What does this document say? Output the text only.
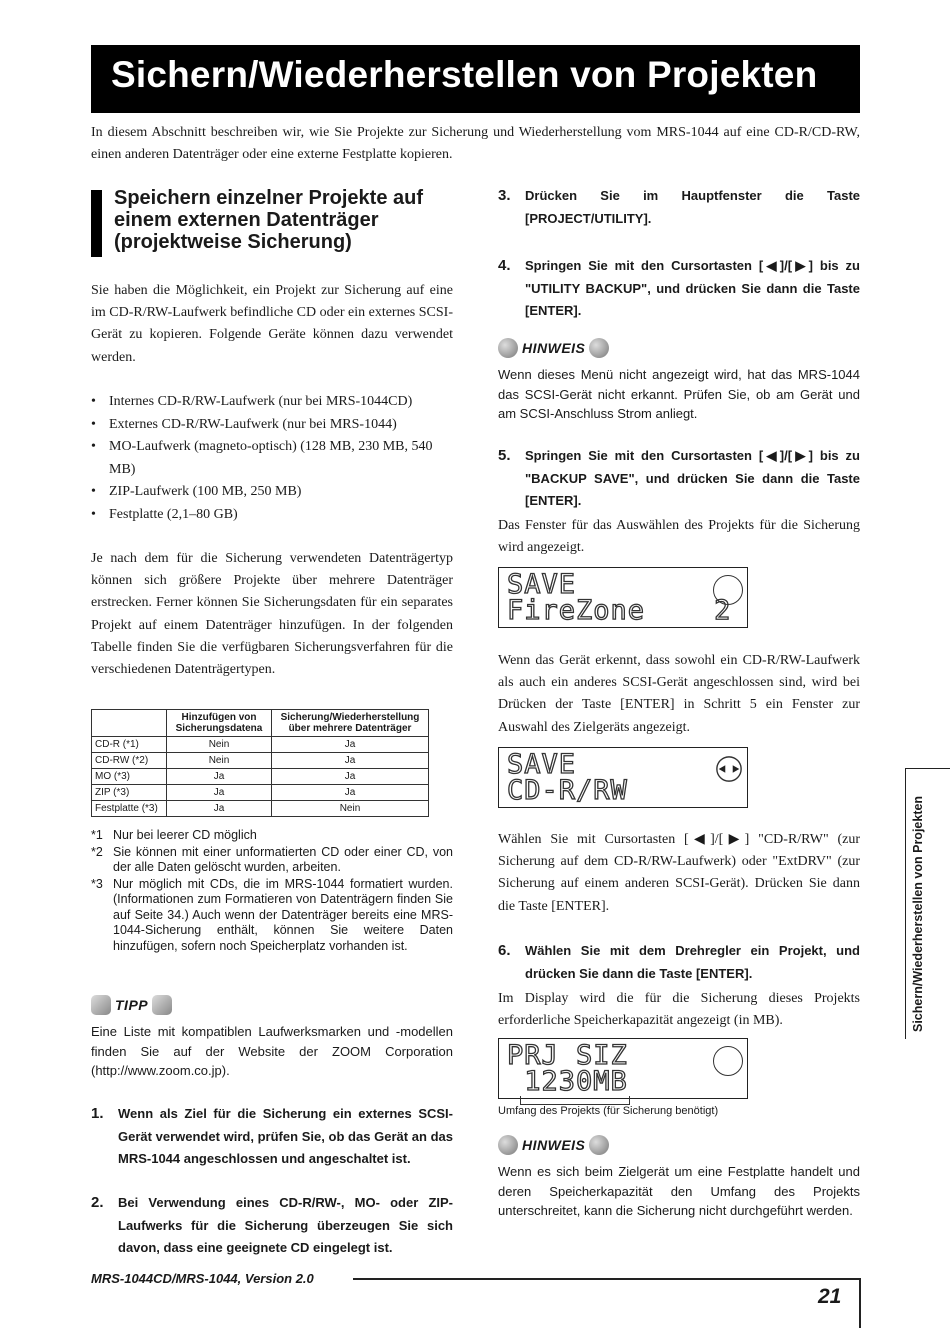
Sichern/Wiederherstellen von Projekten
In diesem Abschnitt beschreiben wir, wie Sie Projekte zur Sicherung und Wiederherstellung vom MRS-1044 auf eine CD-R/CD-RW, einen anderen Datenträger oder eine externe Festplatte kopieren.
Speichern einzelner Projekte auf einem externen Datenträger (projektweise Sicherung)
Sie haben die Möglichkeit, ein Projekt zur Sicherung auf eine im CD-R/RW-Laufwerk befindliche CD oder ein externes SCSI-Gerät zu kopieren. Folgende Geräte können dazu verwendet werden.
• Internes CD-R/RW-Laufwerk (nur bei MRS-1044CD)
• Externes CD-R/RW-Laufwerk (nur bei MRS-1044)
• MO-Laufwerk (magneto-optisch) (128 MB, 230 MB, 540 MB)
• ZIP-Laufwerk (100 MB, 250 MB)
• Festplatte (2,1–80 GB)
Je nach dem für die Sicherung verwendeten Datenträgertyp können sich größere Projekte über mehrere Datenträger erstrecken. Ferner können Sie Sicherungsdaten für ein separates Projekt auf einem Datenträger hinzufügen. In der folgenden Tabelle finden Sie die verfügbaren Sicherungsverfahren für die verschiedenen Datenträgertypen.
	Hinzufügen von Sicherungsdatena	Sicherung/Wiederherstellung über mehrere Datenträger
CD-R (*1)	Nein	Ja
CD-RW (*2)	Nein	Ja
MO (*3)	Ja	Ja
ZIP (*3)	Ja	Ja
Festplatte (*3)	Ja	Nein
*1 Nur bei leerer CD möglich
*2 Sie können mit einer unformatierten CD oder einer CD, von der alle Daten gelöscht wurden, arbeiten.
*3 Nur möglich mit CDs, die im MRS-1044 formatiert wurden. (Informationen zum Formatieren von Datenträgern finden Sie auf Seite 34.) Auch wenn der Datenträger bereits eine MRS-1044-Sicherung enthält, können Sie weitere Daten hinzufügen, sofern noch Speicherplatz vorhanden ist.
TIPP
Eine Liste mit kompatiblen Laufwerksmarken und -modellen finden Sie auf der Website der ZOOM Corporation (http://www.zoom.co.jp).
1.	Wenn als Ziel für die Sicherung ein externes SCSI-Gerät verwendet wird, prüfen Sie, ob das Gerät an das MRS-1044 angeschlossen und angeschaltet ist.
2.	Bei Verwendung eines CD-R/RW-, MO- oder ZIP-Laufwerks für die Sicherung überzeugen Sie sich davon, dass eine geeignete CD eingelegt ist.
3.	Drücken Sie im Hauptfenster die Taste [PROJECT/UTILITY].
4.	Springen Sie mit den Cursortasten [◀]/[▶] bis zu "UTILITY BACKUP", und drücken Sie dann die Taste [ENTER].
HINWEIS
Wenn dieses Menü nicht angezeigt wird, hat das MRS-1044 das SCSI-Gerät nicht erkannt. Prüfen Sie, ob am Gerät und am SCSI-Anschluss Strom anliegt.
5.	Springen Sie mit den Cursortasten [◀]/[▶] bis zu "BACKUP SAVE", und drücken Sie dann die Taste [ENTER].
Das Fenster für das Auswählen des Projekts für die Sicherung wird angezeigt.
SAVE
FireZone    2
Wenn das Gerät erkennt, dass sowohl ein CD-R/RW-Laufwerk als auch ein anderes SCSI-Gerät angeschlossen sind, wird bei Drücken der Taste [ENTER] in Schritt 5 ein Fenster zur Auswahl des Zielgeräts angezeigt.
SAVE
CD-R/RW
Wählen Sie mit Cursortasten [◀]/[▶] "CD-R/RW" (zur Sicherung auf dem CD-R/RW-Laufwerk) oder "ExtDRV" (zur Sicherung auf einem anderen SCSI-Gerät). Drücken Sie dann die Taste [ENTER].
6.	Wählen Sie mit dem Drehregler ein Projekt, und drücken Sie dann die Taste [ENTER].
Im Display wird die für die Sicherung dieses Projekts erforderliche Speicherkapazität angezeigt (in MB).
PRJ SIZ
1230MB
Umfang des Projekts (für Sicherung benötigt)
HINWEIS
Wenn es sich beim Zielgerät um eine Festplatte handelt und deren Speicherkapazität den Umfang des Projekts unterschreitet, kann die Sicherung nicht durchgeführt werden.
Sichern/Wiederherstellen von Projekten
MRS-1044CD/MRS-1044, Version 2.0
21
